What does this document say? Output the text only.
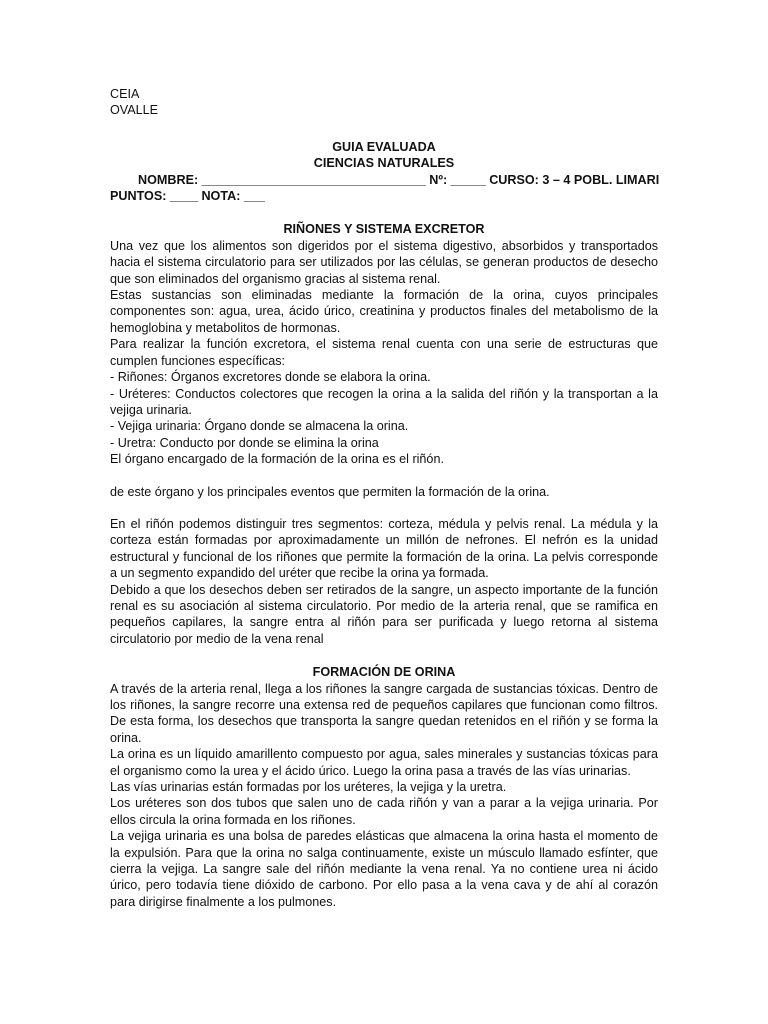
CEIA

OVALLE

GUIA EVALUADA

CIENCIAS NATURALES

NOMBRE: ________________________________ Nº: _____ CURSO: 3 – 4 POBL. LIMARI

PUNTOS: ____ NOTA: ___

RIÑONES Y SISTEMA EXCRETOR

Una vez que los alimentos son digeridos por el sistema digestivo, absorbidos y transportados hacia el sistema circulatorio para ser utilizados por las células, se generan productos de desecho que son eliminados del organismo gracias al sistema renal.

Estas sustancias son eliminadas mediante la formación de la orina, cuyos principales componentes son: agua, urea, ácido úrico, creatinina y productos finales del metabolismo de la hemoglobina y metabolitos de hormonas.

Para realizar la función excretora, el sistema renal cuenta con una serie de estructuras que cumplen funciones específicas:

- Riñones: Órganos excretores donde se elabora la orina.

- Uréteres: Conductos colectores que recogen la orina a la salida del riñón y la transportan a la vejiga urinaria.

- Vejiga urinaria: Órgano donde se almacena la orina.

- Uretra: Conducto por donde se elimina la orina

El órgano encargado de la formación de la orina es el riñón.

de este órgano y los principales eventos que permiten la formación de la orina.

En el riñón podemos distinguir tres segmentos: corteza, médula y pelvis renal. La médula y la corteza están formadas por aproximadamente un millón de nefrones. El nefrón es la unidad estructural y funcional de los riñones que permite la formación de la orina. La pelvis corresponde a un segmento expandido del uréter que recibe la orina ya formada.

Debido a que los desechos deben ser retirados de la sangre, un aspecto importante de la función renal es su asociación al sistema circulatorio. Por medio de la arteria renal, que se ramifica en pequeños capilares, la sangre entra al riñón para ser purificada y luego retorna al sistema circulatorio por medio de la vena renal

FORMACIÓN DE ORINA

A través de la arteria renal, llega a los riñones la sangre cargada de sustancias tóxicas. Dentro de los riñones, la sangre recorre una extensa red de pequeños capilares que funcionan como filtros. De esta forma, los desechos que transporta la sangre quedan retenidos en el riñón y se forma la orina.

La orina es un líquido amarillento compuesto por agua, sales minerales y sustancias tóxicas para el organismo como la urea y el ácido úrico. Luego la orina pasa a través de las vías urinarias.

Las vías urinarias están formadas por los uréteres, la vejiga y la uretra.

Los uréteres son dos tubos que salen uno de cada riñón y van a parar a la vejiga urinaria. Por ellos circula la orina formada en los riñones.

La vejiga urinaria es una bolsa de paredes elásticas que almacena la orina hasta el momento de la expulsión. Para que la orina no salga continuamente, existe un músculo llamado esfínter, que cierra la vejiga. La sangre sale del riñón mediante la vena renal. Ya no contiene urea ni ácido úrico, pero todavía tiene dióxido de carbono. Por ello pasa a la vena cava y de ahí al corazón para dirigirse finalmente a los pulmones.
